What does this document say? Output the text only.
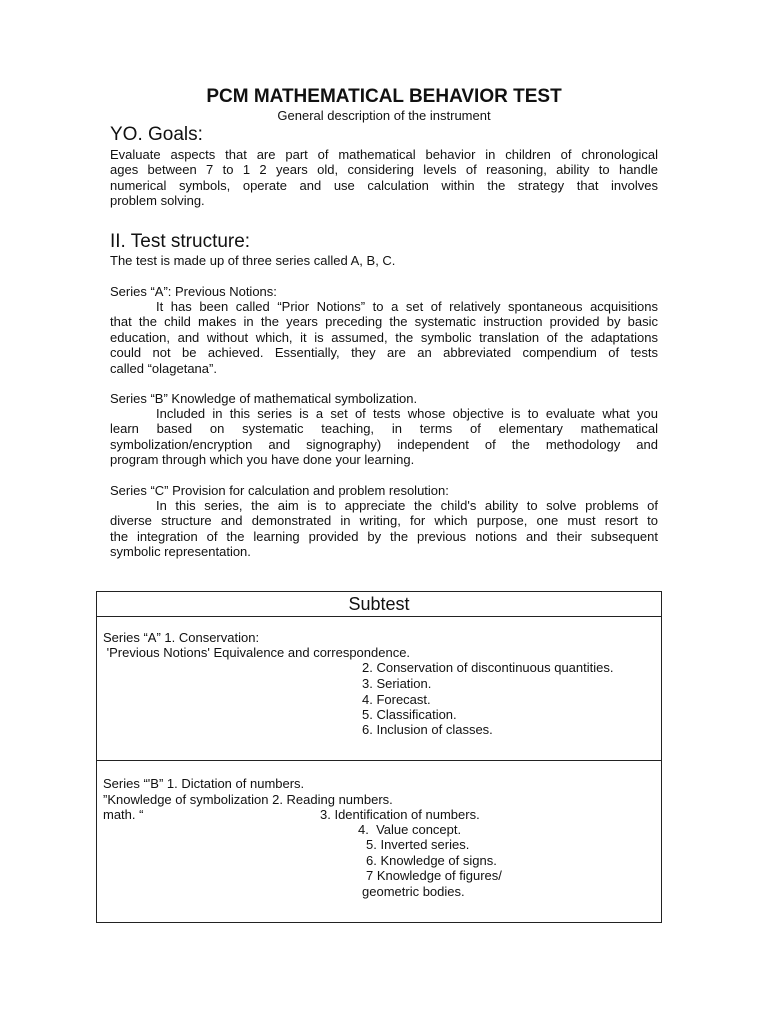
PCM MATHEMATICAL BEHAVIOR TEST
General description of the instrument
YO. Goals:
Evaluate aspects that are part of mathematical behavior in children of chronological
ages between 7 to 1 2 years old, considering levels of reasoning, ability to handle
numerical symbols, operate and use calculation within the strategy that involves
problem solving.
II. Test structure:
The test is made up of three series called A, B, C.
Series “A”: Previous Notions:
It has been called “Prior Notions” to a set of relatively spontaneous acquisitions
that the child makes in the years preceding the systematic instruction provided by basic
education, and without which, it is assumed, the symbolic translation of the adaptations
could not be achieved. Essentially, they are an abbreviated compendium of tests
called “olagetana”.
Series “B” Knowledge of mathematical symbolization.
Included in this series is a set of tests whose objective is to evaluate what you
learn based on systematic teaching, in terms of elementary mathematical
symbolization/encryption and signography) independent of the methodology and
program through which you have done your learning.
Series “C” Provision for calculation and problem resolution:
In this series, the aim is to appreciate the child's ability to solve problems of
diverse structure and demonstrated in writing, for which purpose, one must resort to
the integration of the learning provided by the previous notions and their subsequent
symbolic representation.
Subtest
Series “A” 1. Conservation:
'Previous Notions' Equivalence and correspondence.
2. Conservation of discontinuous quantities.
3. Seriation.
4. Forecast.
5. Classification.
6. Inclusion of classes.
Series “'B” 1. Dictation of numbers.
”Knowledge of symbolization 2. Reading numbers.
math. “	3. Identification of numbers.
4.  Value concept.
5. Inverted series.
6. Knowledge of signs.
7 Knowledge of figures/
geometric bodies.
